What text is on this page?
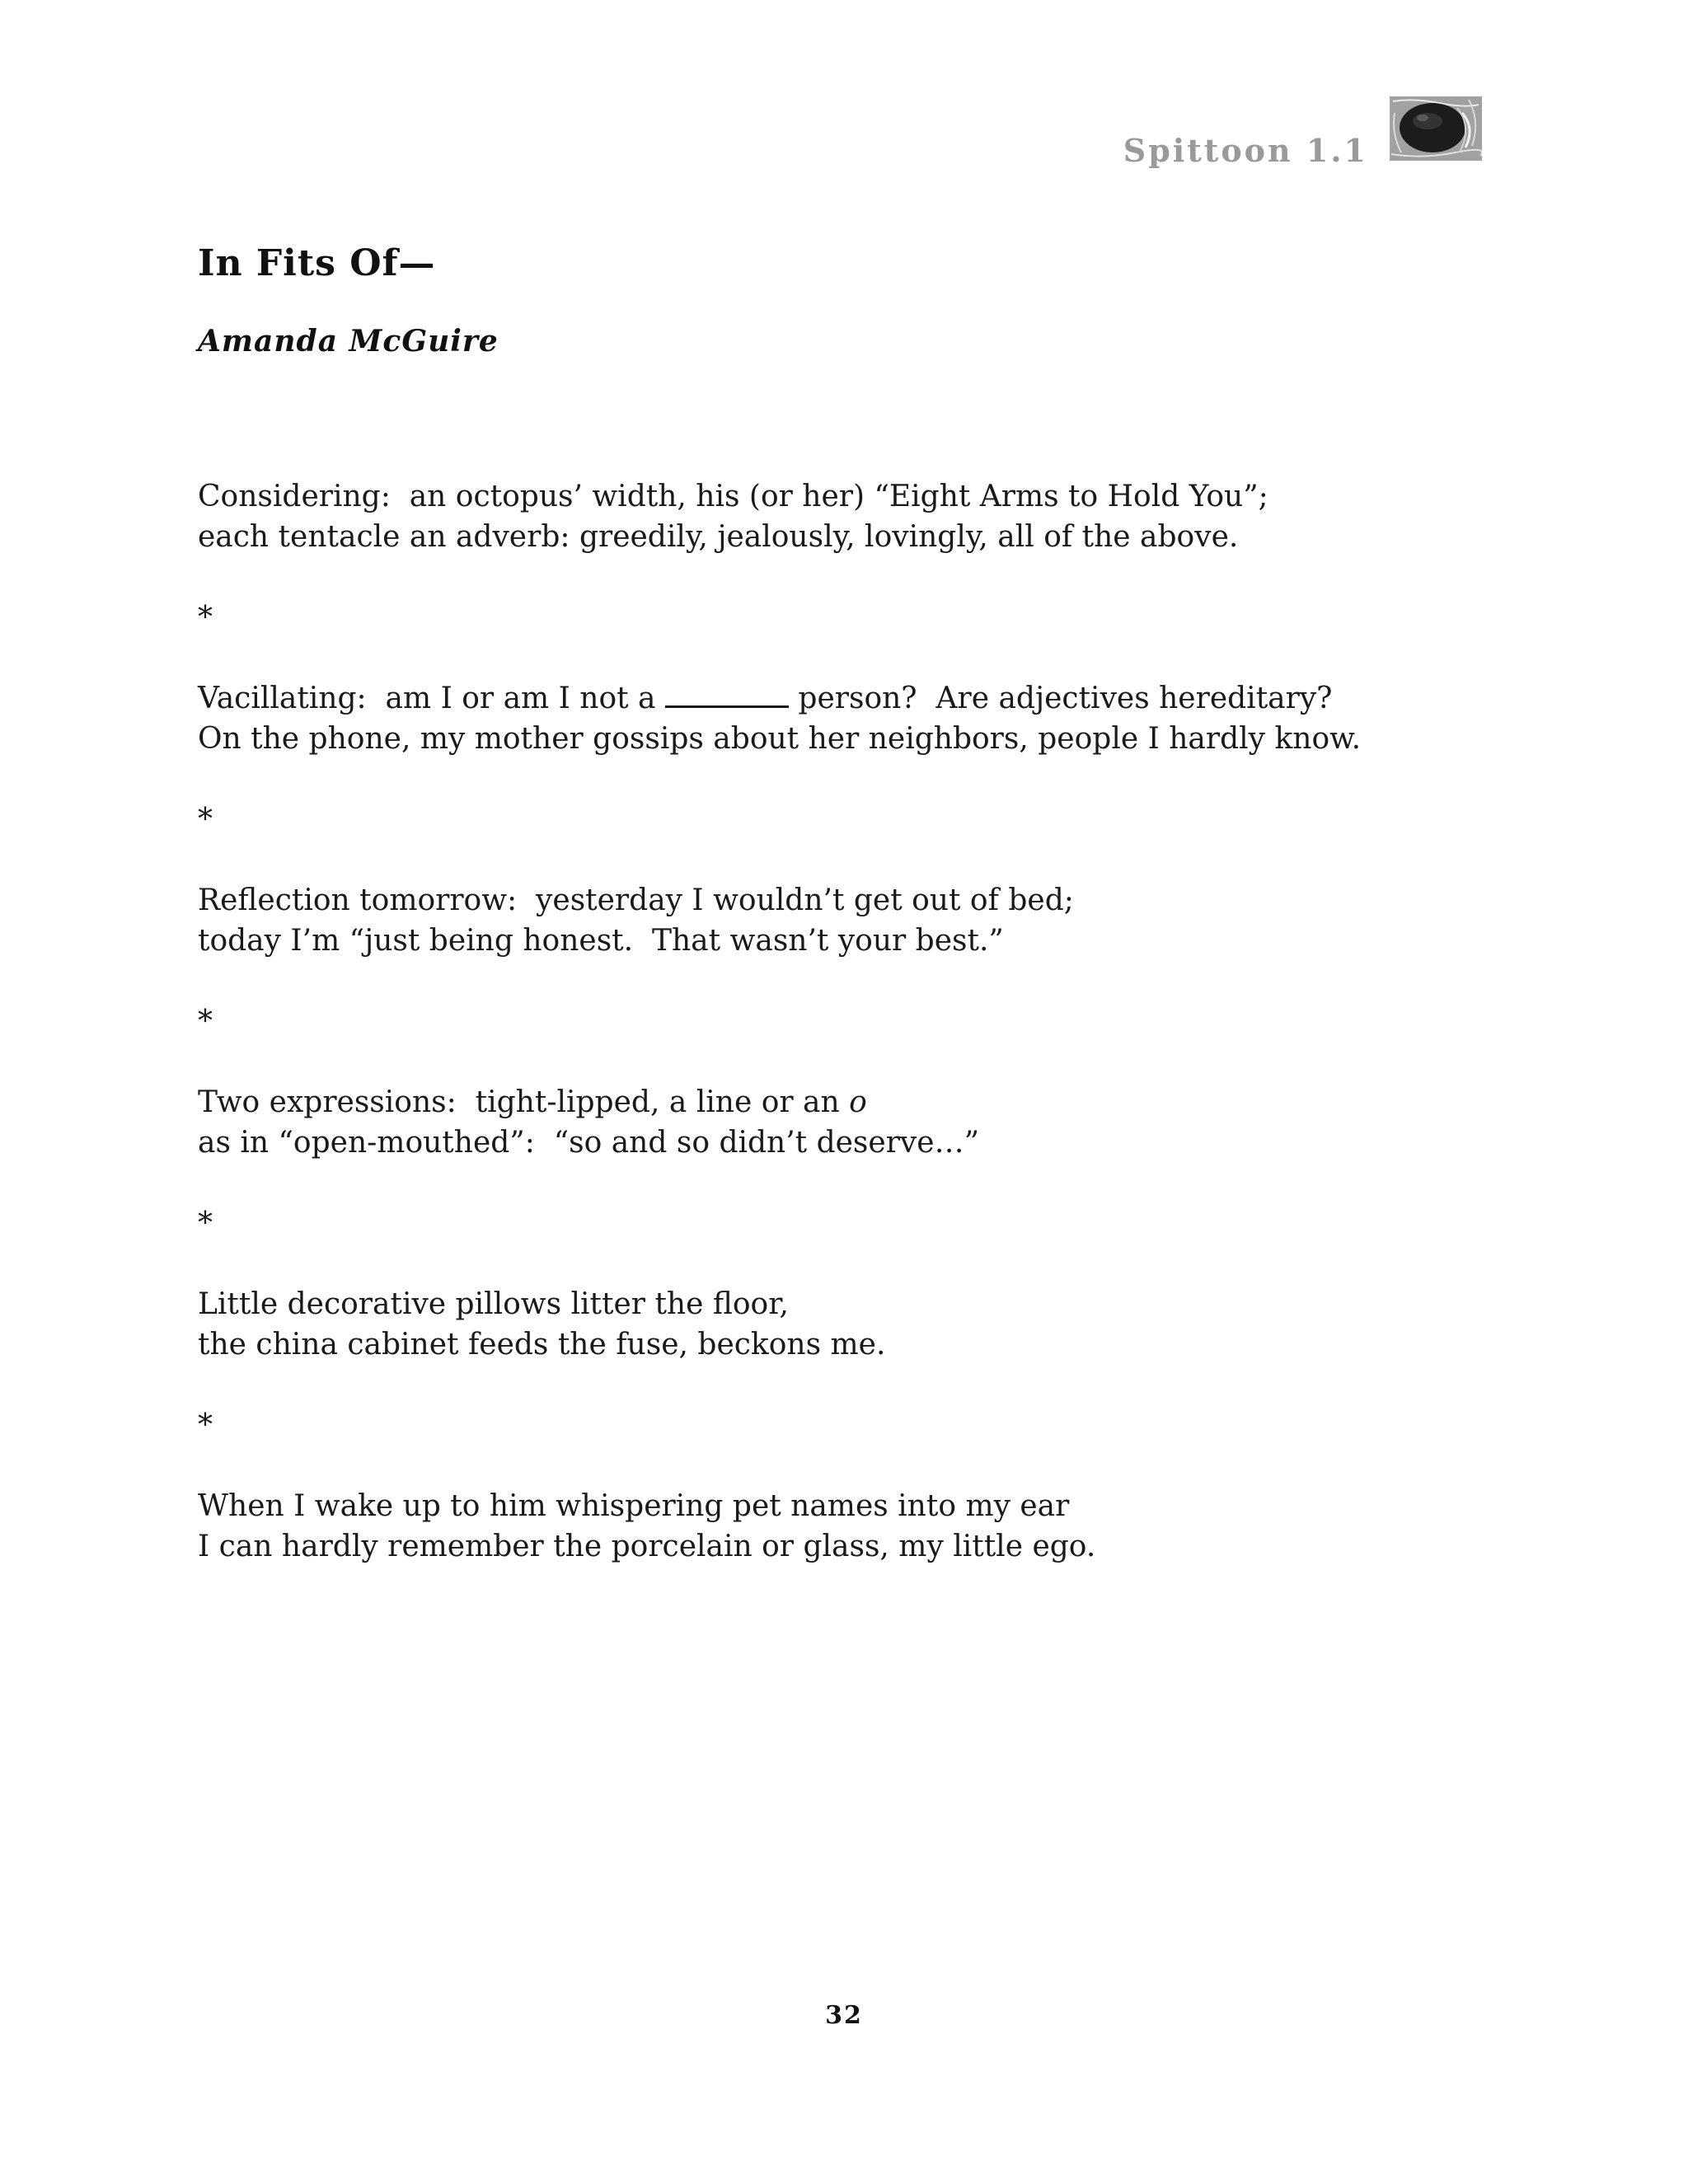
Spittoon 1.1
In Fits Of—
Amanda McGuire
Considering:  an octopus’ width, his (or her) “Eight Arms to Hold You”;
each tentacle an adverb: greedily, jealously, lovingly, all of the above.
*
Vacillating:  am I or am I not a	person?  Are adjectives hereditary?
On the phone, my mother gossips about her neighbors, people I hardly know.
*
Reflection tomorrow:  yesterday I wouldn’t get out of bed;
today I’m “just being honest.  That wasn’t your best.”
*
Two expressions:  tight-lipped, a line or an o
as in “open-mouthed”:  “so and so didn’t deserve…”
*
Little decorative pillows litter the floor,
the china cabinet feeds the fuse, beckons me.
*
When I wake up to him whispering pet names into my ear
I can hardly remember the porcelain or glass, my little ego.
32
